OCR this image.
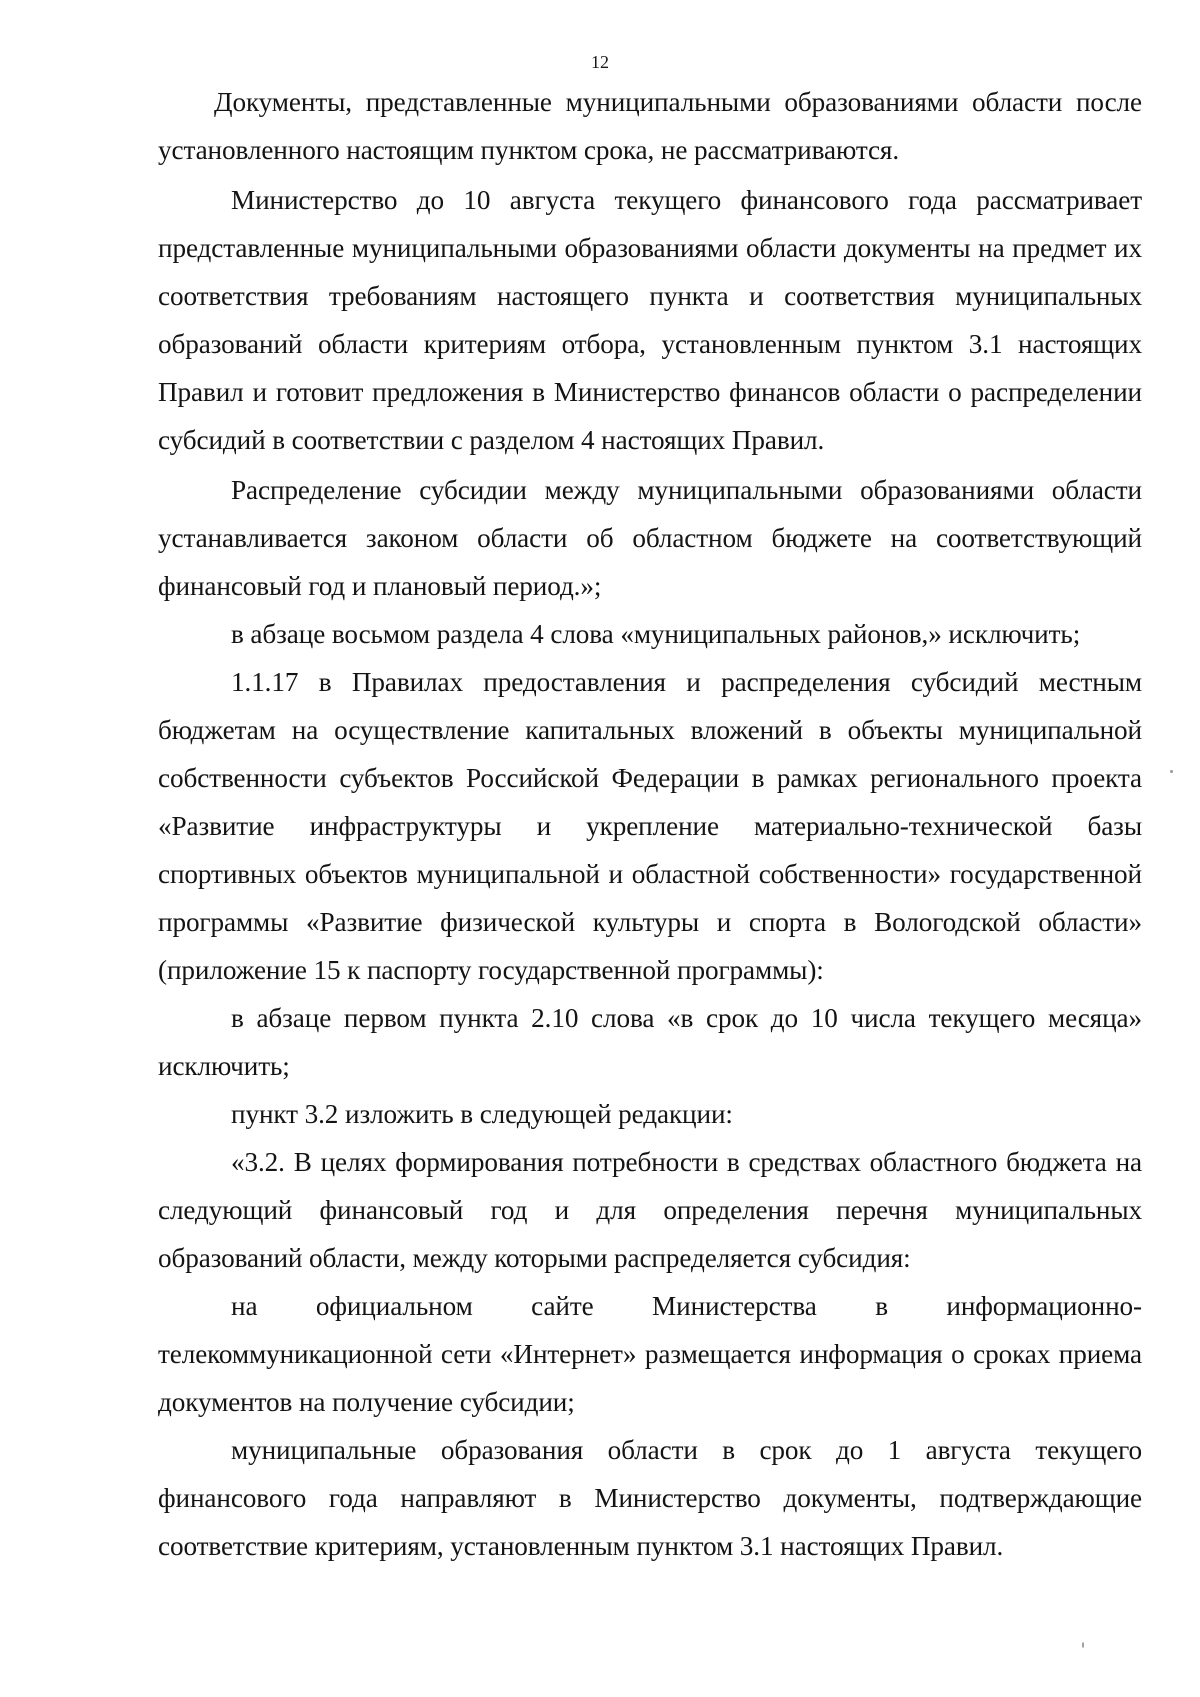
12

Документы, представленные муниципальными образованиями области после установленного настоящим пунктом срока, не рассматриваются.

Министерство до 10 августа текущего финансового года рассматривает представленные муниципальными образованиями области документы на предмет их соответствия требованиям настоящего пункта и соответствия муниципальных образований области критериям отбора, установленным пунктом 3.1 настоящих Правил и готовит предложения в Министерство финансов области о распределении субсидий в соответствии с разделом 4 настоящих Правил.

Распределение субсидии между муниципальными образованиями области устанавливается законом области об областном бюджете на соответствующий финансовый год и плановый период.»;

в абзаце восьмом раздела 4 слова «муниципальных районов,» исключить;

1.1.17 в Правилах предоставления и распределения субсидий местным бюджетам на осуществление капитальных вложений в объекты муниципальной собственности субъектов Российской Федерации в рамках регионального проекта «Развитие инфраструктуры и укрепление материально-технической базы спортивных объектов муниципальной и областной собственности» государственной программы «Развитие физической культуры и спорта в Вологодской области» (приложение 15 к паспорту государственной программы):

в абзаце первом пункта 2.10 слова «в срок до 10 числа текущего месяца» исключить;

пункт 3.2 изложить в следующей редакции:

«3.2. В целях формирования потребности в средствах областного бюджета на следующий финансовый год и для определения перечня муниципальных образований области, между которыми распределяется субсидия:

на официальном сайте Министерства в информационно-телекоммуникационной сети «Интернет» размещается информация о сроках приема документов на получение субсидии;

муниципальные образования области в срок до 1 августа текущего финансового года направляют в Министерство документы, подтверждающие соответствие критериям, установленным пунктом 3.1 настоящих Правил.
